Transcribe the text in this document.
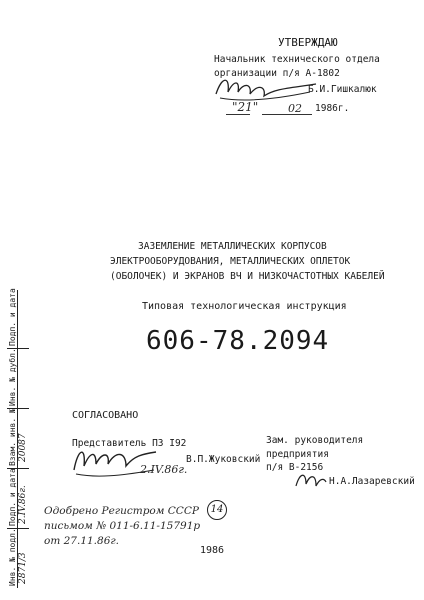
УТВЕРЖДАЮ
Начальник технического отдела
организации п/я А-1802
Б.И.Гишкалюк
"21"	02 1986г.
ЗАЗЕМЛЕНИЕ МЕТАЛЛИЧЕСКИХ КОРПУСОВ
ЭЛЕКТРООБОРУДОВАНИЯ, МЕТАЛЛИЧЕСКИХ ОПЛЕТОК
(ОБОЛОЧЕК) И ЭКРАНОВ ВЧ И НИЗКОЧАСТОТНЫХ КАБЕЛЕЙ
Типовая технологическая инструкция
606-78.2094
СОГЛАСОВАНО
Представитель ПЗ I92
2.IV.86г.
В.П.Жуковский
Зам. руководителя
предприятия
п/я В-2156
Н.А.Лазаревский
Одобрено Регистром СССР
письмом № 011-6.11-15791р
от 27.11.86г.
14
1986
Подп. и дата
Инв. № дубл.
Взам. инв. №
Подп. и дата
Инв. № подл.
20087
2.IV.86г.
2871/3
